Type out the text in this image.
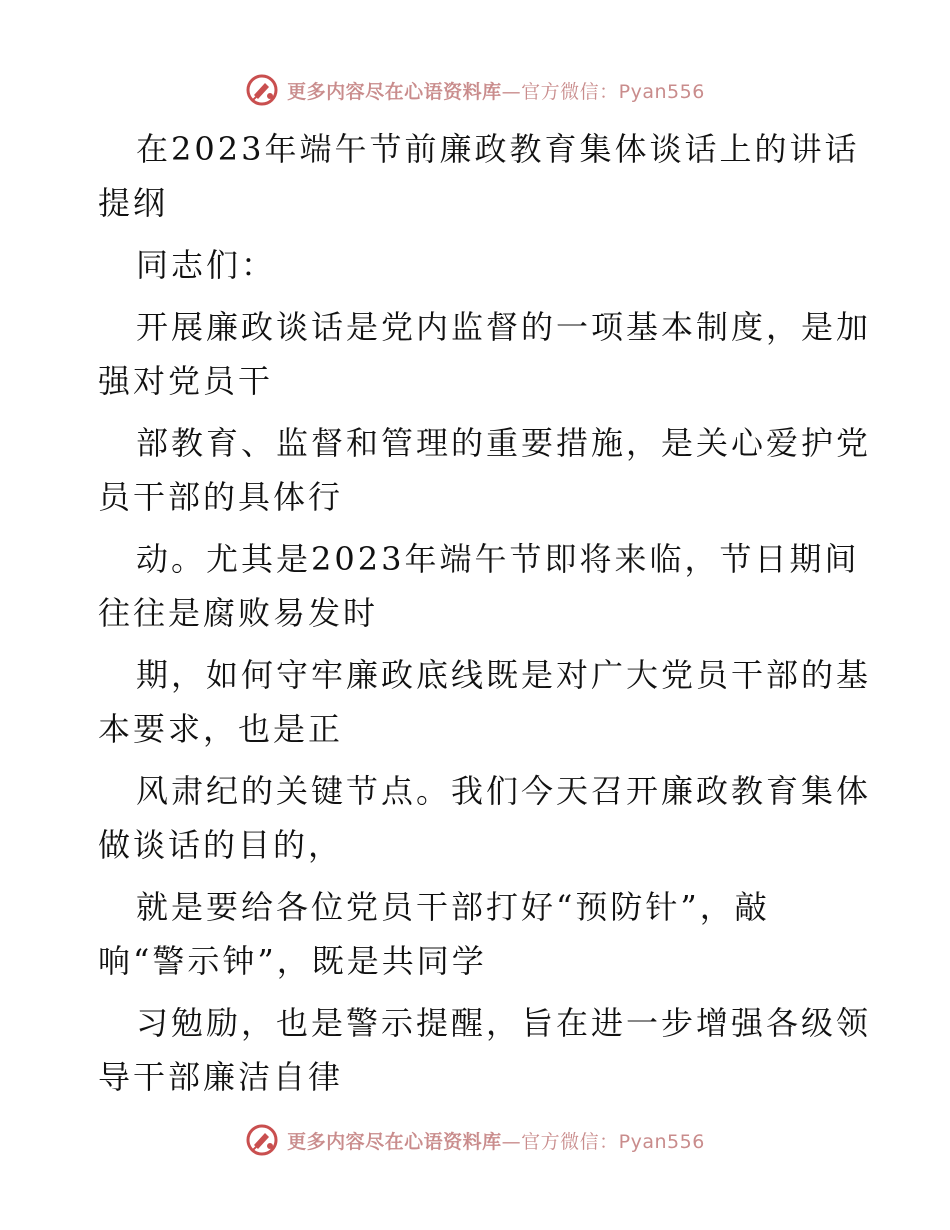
更多内容尽在心语资料库—官方微信：Pyan556
在2023年端午节前廉政教育集体谈话上的讲话
提纲
同志们：
开展廉政谈话是党内监督的一项基本制度，是加
强对党员干
部教育、监督和管理的重要措施，是关心爱护党
员干部的具体行
动。尤其是2023年端午节即将来临，节日期间
往往是腐败易发时
期，如何守牢廉政底线既是对广大党员干部的基
本要求，也是正
风肃纪的关键节点。我们今天召开廉政教育集体
做谈话的目的，
就是要给各位党员干部打好“预防针”，敲
响“警示钟”，既是共同学
习勉励，也是警示提醒，旨在进一步增强各级领
导干部廉洁自律
更多内容尽在心语资料库—官方微信：Pyan556
